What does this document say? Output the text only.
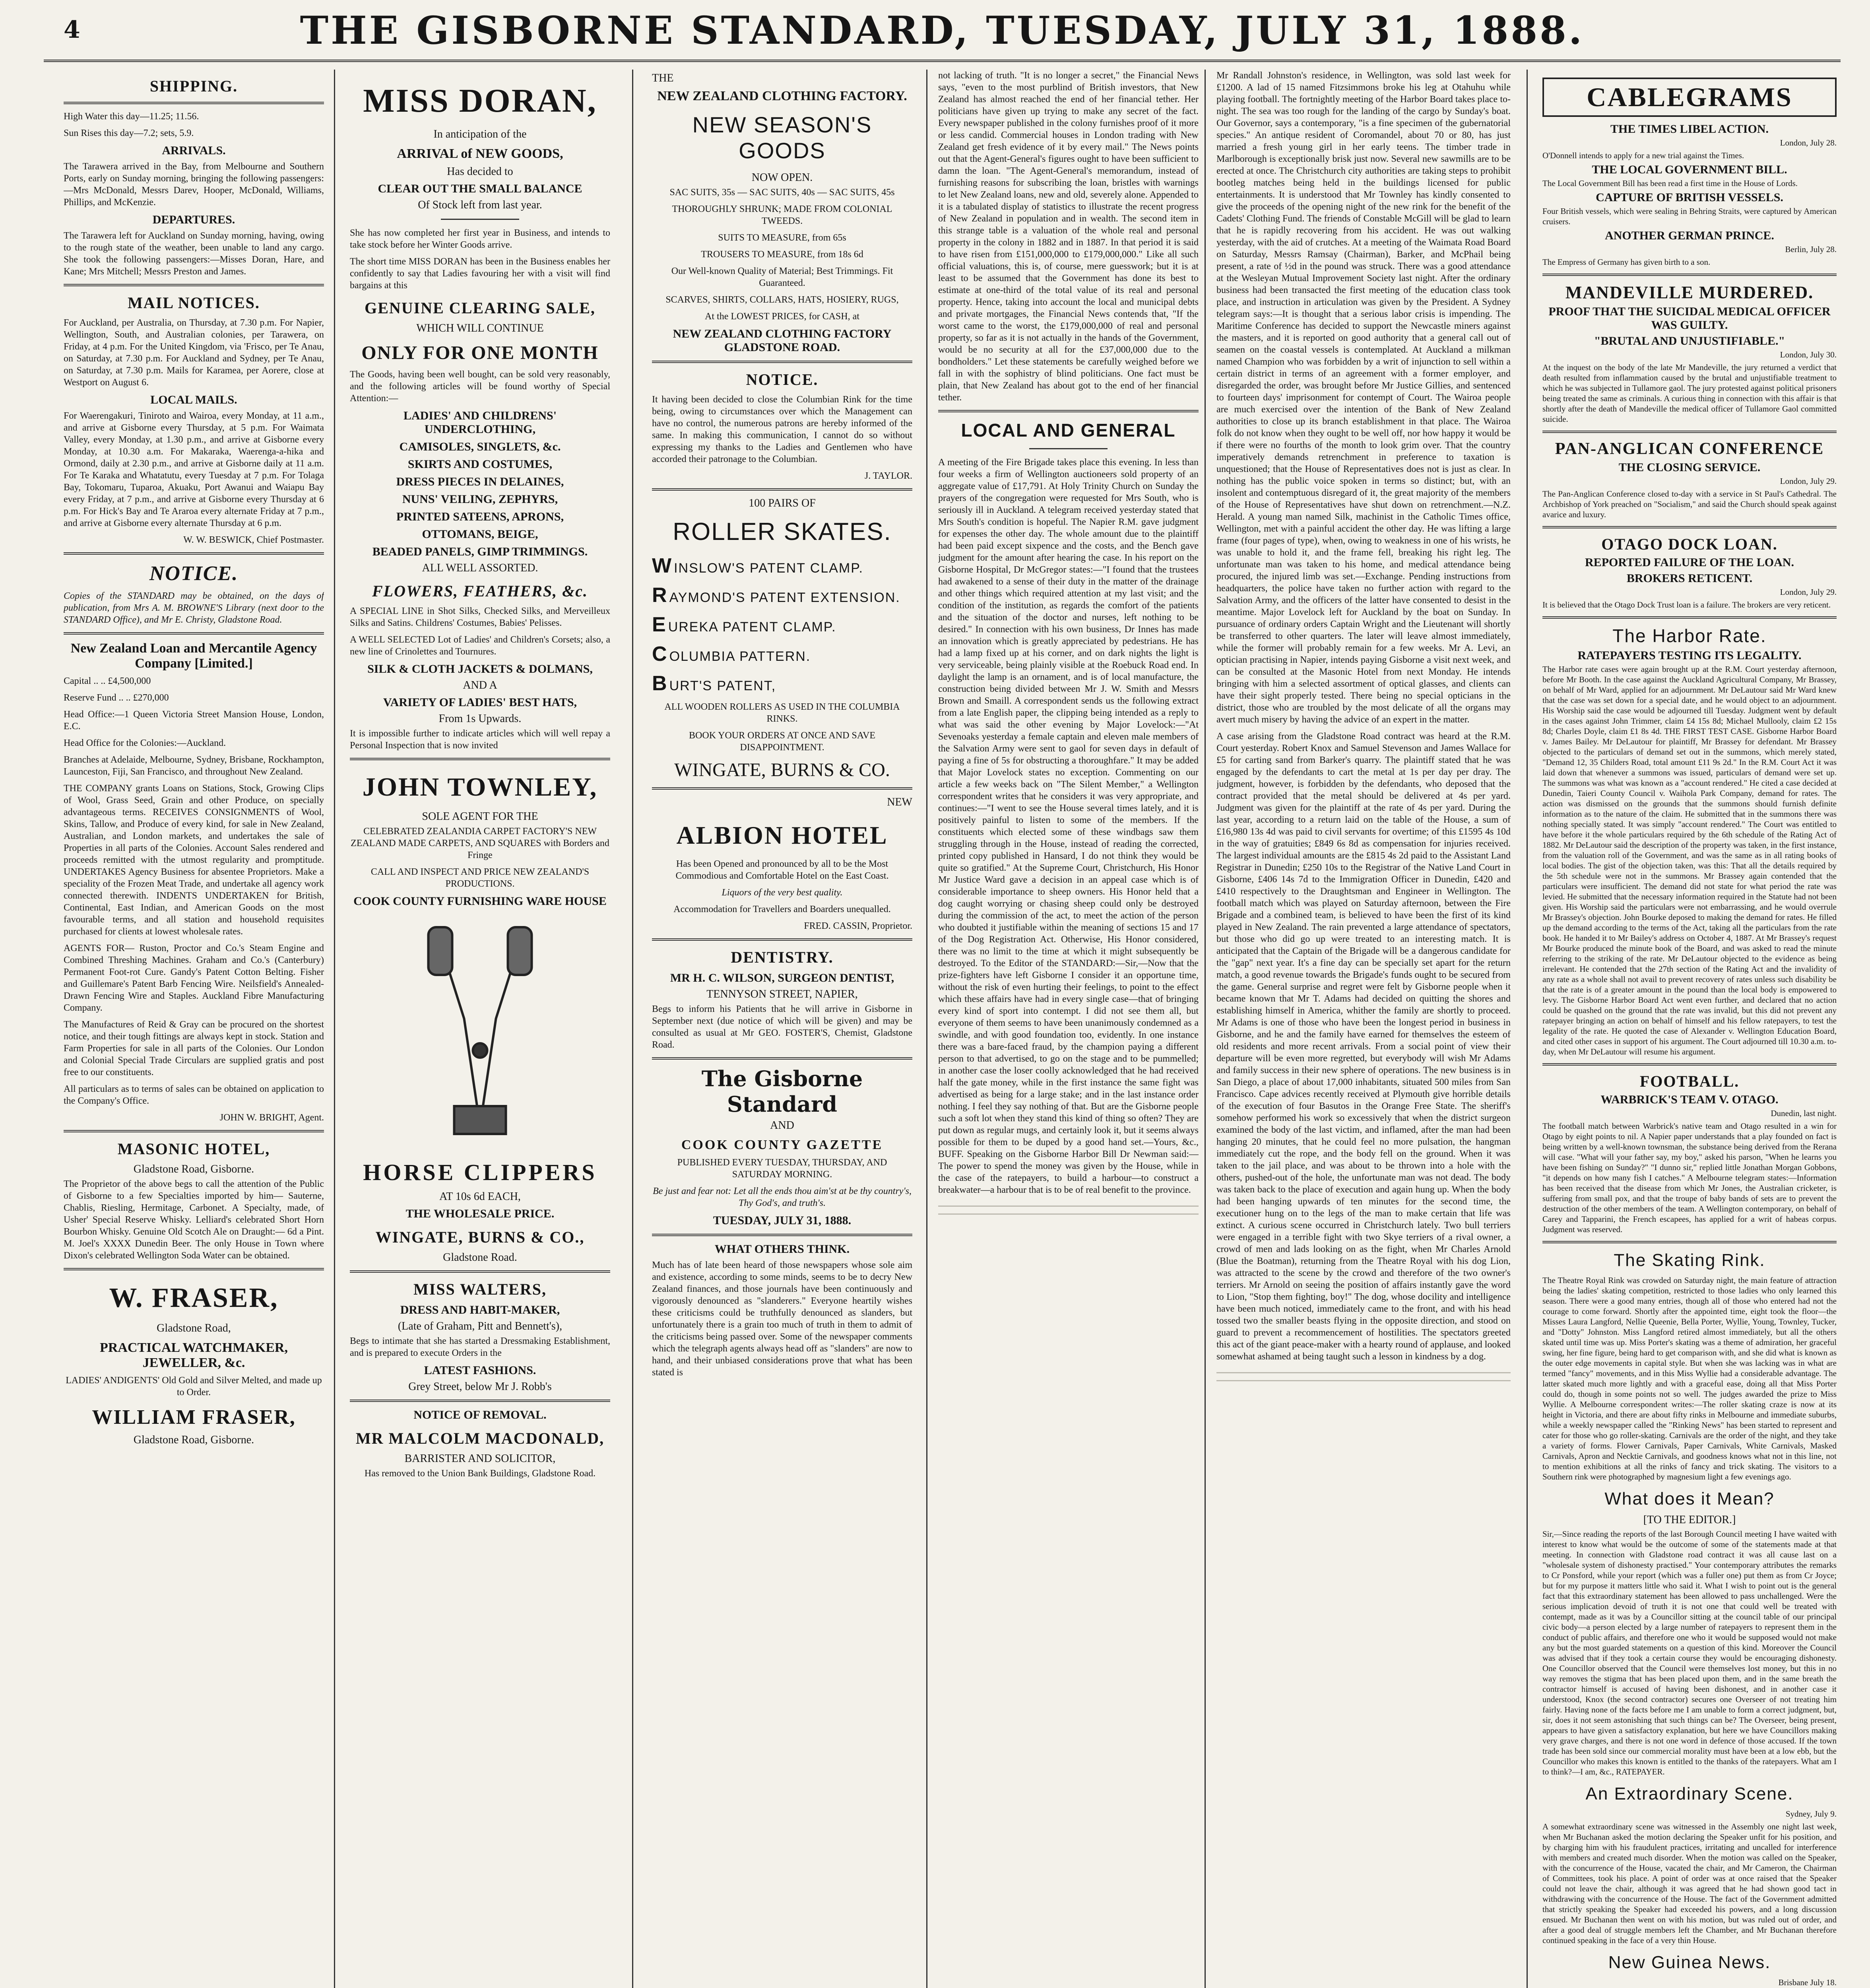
4	THE GISBORNE STANDARD, TUESDAY, JULY 31, 1888.
SHIPPING.

High Water this day—11.25; 11.56.

Sun Rises this day—7.2; sets, 5.9.

ARRIVALS.

The Tarawera arrived in the Bay, from Melbourne and Southern Ports, early on Sunday morning, bringing the following passengers:—Mrs McDonald, Messrs Darev, Hooper, McDonald, Williams, Phillips, and McKenzie.

DEPARTURES.

The Tarawera left for Auckland on Sunday morning, having, owing to the rough state of the weather, been unable to land any cargo. She took the following passengers:—Misses Doran, Hare, and Kane; Mrs Mitchell; Messrs Preston and James.

MAIL NOTICES.

For Auckland, per Australia, on Thursday, at 7.30 p.m. For Napier, Wellington, South, and Australian colonies, per Tarawera, on Friday, at 4 p.m. For the United Kingdom, via 'Frisco, per Te Anau, on Saturday, at 7.30 p.m. For Auckland and Sydney, per Te Anau, on Saturday, at 7.30 p.m. Mails for Karamea, per Aorere, close at Westport on August 6.

LOCAL MAILS.

For Waerengakuri, Tiniroto and Wairoa, every Monday, at 11 a.m., and arrive at Gisborne every Thursday, at 5 p.m. For Waimata Valley, every Monday, at 1.30 p.m., and arrive at Gisborne every Monday, at 10.30 a.m. For Makaraka, Waerenga-a-hika and Ormond, daily at 2.30 p.m., and arrive at Gisborne daily at 11 a.m. For Te Karaka and Whatatutu, every Tuesday at 7 p.m. For Tolaga Bay, Tokomaru, Tuparoa, Akuaku, Port Awanui and Waiapu Bay every Friday, at 7 p.m., and arrive at Gisborne every Thursday at 6 p.m. For Hick's Bay and Te Araroa every alternate Friday at 7 p.m., and arrive at Gisborne every alternate Thursday at 6 p.m.

W. W. BESWICK, Chief Postmaster.

NOTICE.

Copies of the STANDARD may be obtained, on the days of publication, from Mrs A. M. BROWNE'S Library (next door to the STANDARD Office), and Mr E. Christy, Gladstone Road.

New Zealand Loan and Mercantile Agency Company [Limited.]

Capital .. .. £4,500,000

Reserve Fund .. .. £270,000

Head Office:—1 Queen Victoria Street Mansion House, London, E.C.

Head Office for the Colonies:—Auckland.

Branches at Adelaide, Melbourne, Sydney, Brisbane, Rockhampton, Launceston, Fiji, San Francisco, and throughout New Zealand.

THE COMPANY grants Loans on Stations, Stock, Growing Clips of Wool, Grass Seed, Grain and other Produce, on specially advantageous terms. RECEIVES CONSIGNMENTS of Wool, Skins, Tallow, and Produce of every kind, for sale in New Zealand, Australian, and London markets, and undertakes the sale of Properties in all parts of the Colonies. Account Sales rendered and proceeds remitted with the utmost regularity and promptitude. UNDERTAKES Agency Business for absentee Proprietors. Make a speciality of the Frozen Meat Trade, and undertake all agency work connected therewith. INDENTS UNDERTAKEN for British, Continental, East Indian, and American Goods on the most favourable terms, and all station and household requisites purchased for clients at lowest wholesale rates.

AGENTS FOR— Ruston, Proctor and Co.'s Steam Engine and Combined Threshing Machines. Graham and Co.'s (Canterbury) Permanent Foot-rot Cure. Gandy's Patent Cotton Belting. Fisher and Guillemare's Patent Barb Fencing Wire. Neilsfield's Annealed-Drawn Fencing Wire and Staples. Auckland Fibre Manufacturing Company.

The Manufactures of Reid & Gray can be procured on the shortest notice, and their tough fittings are always kept in stock. Station and Farm Properties for sale in all parts of the Colonies. Our London and Colonial Special Trade Circulars are supplied gratis and post free to our constituents.

All particulars as to terms of sales can be obtained on application to the Company's Office.

JOHN W. BRIGHT, Agent.

MASONIC HOTEL,
Gladstone Road, Gisborne.

The Proprietor of the above begs to call the attention of the Public of Gisborne to a few Specialties imported by him— Sauterne, Chablis, Riesling, Hermitage, Carbonet. A Specialty, made, of Usher' Special Reserve Whisky. Lelliard's celebrated Short Horn Bourbon Whisky. Genuine Old Scotch Ale on Draught:— 6d a Pint. M. Joel's XXXX Dunedin Beer. The only House in Town where Dixon's celebrated Wellington Soda Water can be obtained.

W. FRASER,
Gladstone Road,
PRACTICAL WATCHMAKER, JEWELLER, &c.

LADIES' ANDIGENTS' Old Gold and Silver Melted, and made up to Order.

WILLIAM FRASER,
Gladstone Road, Gisborne.
MISS DORAN,
In anticipation of the
ARRIVAL of NEW GOODS,
Has decided to
CLEAR OUT THE SMALL BALANCE
Of Stock left from last year.

She has now completed her first year in Business, and intends to take stock before her Winter Goods arrive.

The short time MISS DORAN has been in the Business enables her confidently to say that Ladies favouring her with a visit will find bargains at this

GENUINE CLEARING SALE,
WHICH WILL CONTINUE
ONLY FOR ONE MONTH

The Goods, having been well bought, can be sold very reasonably, and the following articles will be found worthy of Special Attention:—

LADIES' AND CHILDRENS' UNDERCLOTHING,
CAMISOLES, SINGLETS, &c.
SKIRTS AND COSTUMES,
DRESS PIECES IN DELAINES,
NUNS' VEILING, ZEPHYRS,
PRINTED SATEENS, APRONS,
OTTOMANS, BEIGE,
BEADED PANELS, GIMP TRIMMINGS.
ALL WELL ASSORTED.
FLOWERS, FEATHERS, &c.

A SPECIAL LINE in Shot Silks, Checked Silks, and Merveilleux Silks and Satins. Childrens' Costumes, Babies' Pelisses.

A WELL SELECTED Lot of Ladies' and Children's Corsets; also, a new line of Crinolettes and Tournures.

SILK & CLOTH JACKETS & DOLMANS,
AND A
VARIETY OF LADIES' BEST HATS,
From 1s Upwards.

It is impossible further to indicate articles which will well repay a Personal Inspection that is now invited

JOHN TOWNLEY,
SOLE AGENT FOR THE

CELEBRATED ZEALANDIA CARPET FACTORY'S NEW ZEALAND MADE CARPETS, AND SQUARES with Borders and Fringe

CALL AND INSPECT AND PRICE NEW ZEALAND'S PRODUCTIONS.

COOK COUNTY FURNISHING WARE HOUSE
HORSE CLIPPERS
AT 10s 6d EACH,
THE WHOLESALE PRICE.
WINGATE, BURNS & CO.,
Gladstone Road.
MISS WALTERS,
DRESS AND HABIT-MAKER,
(Late of Graham, Pitt and Bennett's),

Begs to intimate that she has started a Dressmaking Establishment, and is prepared to execute Orders in the

LATEST FASHIONS.
Grey Street, below Mr J. Robb's
NOTICE OF REMOVAL.
MR MALCOLM MACDONALD,
BARRISTER AND SOLICITOR,

Has removed to the Union Bank Buildings, Gladstone Road.

THE
NEW ZEALAND CLOTHING FACTORY.
NEW SEASON'S GOODS
NOW OPEN.

SAC SUITS, 35s — SAC SUITS, 40s — SAC SUITS, 45s

THOROUGHLY SHRUNK; MADE FROM COLONIAL TWEEDS.

SUITS TO MEASURE, from 65s

TROUSERS TO MEASURE, from 18s 6d

Our Well-known Quality of Material; Best Trimmings. Fit Guaranteed.

SCARVES, SHIRTS, COLLARS, HATS, HOSIERY, RUGS,

At the LOWEST PRICES, for CASH, at

NEW ZEALAND CLOTHING FACTORY GLADSTONE ROAD.
NOTICE.

It having been decided to close the Columbian Rink for the time being, owing to circumstances over which the Management can have no control, the numerous patrons are hereby informed of the same. In making this communication, I cannot do so without expressing my thanks to the Ladies and Gentlemen who have accorded their patronage to the Columbian.

J. TAYLOR.

100 PAIRS OF
ROLLER SKATES.
WINSLOW'S PATENT CLAMP.
RAYMOND'S PATENT EXTENSION.
EUREKA PATENT CLAMP.
COLUMBIA PATTERN.
BURT'S PATENT,

ALL WOODEN ROLLERS AS USED IN THE COLUMBIA RINKS.

BOOK YOUR ORDERS AT ONCE AND SAVE DISAPPOINTMENT.

WINGATE, BURNS & CO.
NEW
ALBION HOTEL

Has been Opened and pronounced by all to be the Most Commodious and Comfortable Hotel on the East Coast.

Liquors of the very best quality.

Accommodation for Travellers and Boarders unequalled.

FRED. CASSIN, Proprietor.

DENTISTRY.
MR H. C. WILSON, SURGEON DENTIST,
TENNYSON STREET, NAPIER,

Begs to inform his Patients that he will arrive in Gisborne in September next (due notice of which will be given) and may be consulted as usual at Mr GEO. FOSTER'S, Chemist, Gladstone Road.

The Gisborne Standard
AND
COOK COUNTY GAZETTE

PUBLISHED EVERY TUESDAY, THURSDAY, AND SATURDAY MORNING.

Be just and fear not: Let all the ends thou aim'st at be thy country's, Thy God's, and truth's.

TUESDAY, JULY 31, 1888.
WHAT OTHERS THINK.

Much has of late been heard of those newspapers whose sole aim and existence, according to some minds, seems to be to decry New Zealand finances, and those journals have been continuously and vigorously denounced as "slanderers." Everyone heartily wishes these criticisms could be truthfully denounced as slanders, but unfortunately there is a grain too much of truth in them to admit of the criticisms being passed over. Some of the newspaper comments which the telegraph agents always head off as "slanders" are now to hand, and their unbiased considerations prove that what has been stated is

not lacking of truth. "It is no longer a secret," the Financial News says, "even to the most purblind of British investors, that New Zealand has almost reached the end of her financial tether. Her politicians have given up trying to make any secret of the fact. Every newspaper published in the colony furnishes proof of it more or less candid. Commercial houses in London trading with New Zealand get fresh evidence of it by every mail." The News points out that the Agent-General's figures ought to have been sufficient to damn the loan. "The Agent-General's memorandum, instead of furnishing reasons for subscribing the loan, bristles with warnings to let New Zealand loans, new and old, severely alone. Appended to it is a tabulated display of statistics to illustrate the recent progress of New Zealand in population and in wealth. The second item in this strange table is a valuation of the whole real and personal property in the colony in 1882 and in 1887. In that period it is said to have risen from £151,000,000 to £179,000,000." Like all such official valuations, this is, of course, mere guesswork; but it is at least to be assumed that the Government has done its best to estimate at one-third of the total value of its real and personal property. Hence, taking into account the local and municipal debts and private mortgages, the Financial News contends that, "If the worst came to the worst, the £179,000,000 of real and personal property, so far as it is not actually in the hands of the Government, would be no security at all for the £37,000,000 due to the bondholders." Let these statements be carefully weighed before we fall in with the sophistry of blind politicians. One fact must be plain, that New Zealand has about got to the end of her financial tether.

LOCAL AND GENERAL

A meeting of the Fire Brigade takes place this evening. In less than four weeks a firm of Wellington auctioneers sold property of an aggregate value of £17,791. At Holy Trinity Church on Sunday the prayers of the congregation were requested for Mrs South, who is seriously ill in Auckland. A telegram received yesterday stated that Mrs South's condition is hopeful. The Napier R.M. gave judgment for expenses the other day. The whole amount due to the plaintiff had been paid except sixpence and the costs, and the Bench gave judgment for the amount after hearing the case. In his report on the Gisborne Hospital, Dr McGregor states:—"I found that the trustees had awakened to a sense of their duty in the matter of the drainage and other things which required attention at my last visit; and the condition of the institution, as regards the comfort of the patients and the situation of the doctor and nurses, left nothing to be desired." In connection with his own business, Dr Innes has made an innovation which is greatly appreciated by pedestrians. He has had a lamp fixed up at his corner, and on dark nights the light is very serviceable, being plainly visible at the Roebuck Road end. In daylight the lamp is an ornament, and is of local manufacture, the construction being divided between Mr J. W. Smith and Messrs Brown and Smaill. A correspondent sends us the following extract from a late English paper, the clipping being intended as a reply to what was said the other evening by Major Lovelock:—"At Sevenoaks yesterday a female captain and eleven male members of the Salvation Army were sent to gaol for seven days in default of paying a fine of 5s for obstructing a thoroughfare." It may be added that Major Lovelock states no exception. Commenting on our article a few weeks back on "The Silent Member," a Wellington correspondent writes that he considers it was very appropriate, and continues:—"I went to see the House several times lately, and it is positively painful to listen to some of the members. If the constituents which elected some of these windbags saw them struggling through in the House, instead of reading the corrected, printed copy published in Hansard, I do not think they would be quite so gratified." At the Supreme Court, Christchurch, His Honor Mr Justice Ward gave a decision in an appeal case which is of considerable importance to sheep owners. His Honor held that a dog caught worrying or chasing sheep could only be destroyed during the commission of the act, to meet the action of the person who doubted it justifiable within the meaning of sections 15 and 17 of the Dog Registration Act. Otherwise, His Honor considered, there was no limit to the time at which it might subsequently be destroyed. To the Editor of the STANDARD:—Sir,—Now that the prize-fighters have left Gisborne I consider it an opportune time, without the risk of even hurting their feelings, to point to the effect which these affairs have had in every single case—that of bringing every kind of sport into contempt. I did not see them all, but everyone of them seems to have been unanimously condemned as a swindle, and with good foundation too, evidently. In one instance there was a bare-faced fraud, by the champion paying a different person to that advertised, to go on the stage and to be pummelled; in another case the loser coolly acknowledged that he had received half the gate money, while in the first instance the same fight was advertised as being for a large stake; and in the last instance order nothing. I feel they say nothing of that. But are the Gisborne people such a soft lot when they stand this kind of thing so often? They are put down as regular mugs, and certainly look it, but it seems always possible for them to be duped by a good hand set.—Yours, &c., BUFF. Speaking on the Gisborne Harbor Bill Dr Newman said:—The power to spend the money was given by the House, while in the case of the ratepayers, to build a harbour—to construct a breakwater—a harbour that is to be of real benefit to the province.

Mr Randall Johnston's residence, in Wellington, was sold last week for £1200. A lad of 15 named Fitzsimmons broke his leg at Otahuhu while playing football. The fortnightly meeting of the Harbor Board takes place to-night. The sea was too rough for the landing of the cargo by Sunday's boat. Our Governor, says a contemporary, "is a fine specimen of the gubernatorial species." An antique resident of Coromandel, about 70 or 80, has just married a fresh young girl in her early teens. The timber trade in Marlborough is exceptionally brisk just now. Several new sawmills are to be erected at once. The Christchurch city authorities are taking steps to prohibit bootleg matches being held in the buildings licensed for public entertainments. It is understood that Mr Townley has kindly consented to give the proceeds of the opening night of the new rink for the benefit of the Cadets' Clothing Fund. The friends of Constable McGill will be glad to learn that he is rapidly recovering from his accident. He was out walking yesterday, with the aid of crutches. At a meeting of the Waimata Road Board on Saturday, Messrs Ramsay (Chairman), Barker, and McPhail being present, a rate of ½d in the pound was struck. There was a good attendance at the Wesleyan Mutual Improvement Society last night. After the ordinary business had been transacted the first meeting of the education class took place, and instruction in articulation was given by the President. A Sydney telegram says:—It is thought that a serious labor crisis is impending. The Maritime Conference has decided to support the Newcastle miners against the masters, and it is reported on good authority that a general call out of seamen on the coastal vessels is contemplated. At Auckland a milkman named Champion who was forbidden by a writ of injunction to sell within a certain district in terms of an agreement with a former employer, and disregarded the order, was brought before Mr Justice Gillies, and sentenced to fourteen days' imprisonment for contempt of Court. The Wairoa people are much exercised over the intention of the Bank of New Zealand authorities to close up its branch establishment in that place. The Wairoa folk do not know when they ought to be well off, nor how happy it would be if there were no fourths of the month to look grim over. That the country imperatively demands retrenchment in preference to taxation is unquestioned; that the House of Representatives does not is just as clear. In nothing has the public voice spoken in terms so distinct; but, with an insolent and contemptuous disregard of it, the great majority of the members of the House of Representatives have shut down on retrenchment.—N.Z. Herald. A young man named Silk, machinist in the Catholic Times office, Wellington, met with a painful accident the other day. He was lifting a large frame (four pages of type), when, owing to weakness in one of his wrists, he was unable to hold it, and the frame fell, breaking his right leg. The unfortunate man was taken to his home, and medical attendance being procured, the injured limb was set.—Exchange. Pending instructions from headquarters, the police have taken no further action with regard to the Salvation Army, and the officers of the latter have consented to desist in the meantime. Major Lovelock left for Auckland by the boat on Sunday. In pursuance of ordinary orders Captain Wright and the Lieutenant will shortly be transferred to other quarters. The later will leave almost immediately, while the former will probably remain for a few weeks. Mr A. Levi, an optician practising in Napier, intends paying Gisborne a visit next week, and can be consulted at the Masonic Hotel from next Monday. He intends bringing with him a selected assortment of optical glasses, and clients can have their sight properly tested. There being no special opticians in the district, those who are troubled by the most delicate of all the organs may avert much misery by having the advice of an expert in the matter.

A case arising from the Gladstone Road contract was heard at the R.M. Court yesterday. Robert Knox and Samuel Stevenson and James Wallace for £5 for carting sand from Barker's quarry. The plaintiff stated that he was engaged by the defendants to cart the metal at 1s per day per dray. The judgment, however, is forbidden by the defendants, who deposed that the contract provided that the metal should be delivered at 4s per yard. Judgment was given for the plaintiff at the rate of 4s per yard. During the last year, according to a return laid on the table of the House, a sum of £16,980 13s 4d was paid to civil servants for overtime; of this £1595 4s 10d in the way of gratuities; £849 6s 8d as compensation for injuries received. The largest individual amounts are the £815 4s 2d paid to the Assistant Land Registrar in Dunedin; £250 10s to the Registrar of the Native Land Court in Gisborne, £406 14s 7d to the Immigration Officer in Dunedin, £420 and £410 respectively to the Draughtsman and Engineer in Wellington. The football match which was played on Saturday afternoon, between the Fire Brigade and a combined team, is believed to have been the first of its kind played in New Zealand. The rain prevented a large attendance of spectators, but those who did go up were treated to an interesting match. It is anticipated that the Captain of the Brigade will be a dangerous candidate for the "gap" next year. It's a fine day can be specially set apart for the return match, a good revenue towards the Brigade's funds ought to be secured from the game. General surprise and regret were felt by Gisborne people when it became known that Mr T. Adams had decided on quitting the shores and establishing himself in America, whither the family are shortly to proceed. Mr Adams is one of those who have been the longest period in business in Gisborne, and he and the family have earned for themselves the esteem of old residents and more recent arrivals. From a social point of view their departure will be even more regretted, but everybody will wish Mr Adams and family success in their new sphere of operations. The new business is in San Diego, a place of about 17,000 inhabitants, situated 500 miles from San Francisco. Cape advices recently received at Plymouth give horrible details of the execution of four Basutos in the Orange Free State. The sheriff's somehow performed his work so excessively that when the district surgeon examined the body of the last victim, and inflamed, after the man had been hanging 20 minutes, that he could feel no more pulsation, the hangman immediately cut the rope, and the body fell on the ground. When it was taken to the jail place, and was about to be thrown into a hole with the others, pushed-out of the hole, the unfortunate man was not dead. The body was taken back to the place of execution and again hung up. When the body had been hanging upwards of ten minutes for the second time, the executioner hung on to the legs of the man to make certain that life was extinct. A curious scene occurred in Christchurch lately. Two bull terriers were engaged in a terrible fight with two Skye terriers of a rival owner, a crowd of men and lads looking on as the fight, when Mr Charles Arnold (Blue the Boatman), returning from the Theatre Royal with his dog Lion, was attracted to the scene by the crowd and therefore of the two owner's terriers. Mr Arnold on seeing the position of affairs instantly gave the word to Lion, "Stop them fighting, boy!" The dog, whose docility and intelligence have been much noticed, immediately came to the front, and with his head tossed two the smaller beasts flying in the opposite direction, and stood on guard to prevent a recommencement of hostilities. The spectators greeted this act of the giant peace-maker with a hearty round of applause, and looked somewhat ashamed at being taught such a lesson in kindness by a dog.

CABLEGRAMS
THE TIMES LIBEL ACTION.

London, July 28.

O'Donnell intends to apply for a new trial against the Times.

THE LOCAL GOVERNMENT BILL.

The Local Government Bill has been read a first time in the House of Lords.

CAPTURE OF BRITISH VESSELS.

Four British vessels, which were sealing in Behring Straits, were captured by American cruisers.

ANOTHER GERMAN PRINCE.

Berlin, July 28.

The Empress of Germany has given birth to a son.

MANDEVILLE MURDERED.
PROOF THAT THE SUICIDAL MEDICAL OFFICER WAS GUILTY.
"BRUTAL AND UNJUSTIFIABLE."

London, July 30.

At the inquest on the body of the late Mr Mandeville, the jury returned a verdict that death resulted from inflammation caused by the brutal and unjustifiable treatment to which he was subjected in Tullamore gaol. The jury protested against political prisoners being treated the same as criminals. A curious thing in connection with this affair is that shortly after the death of Mandeville the medical officer of Tullamore Gaol committed suicide.

PAN-ANGLICAN CONFERENCE
THE CLOSING SERVICE.

London, July 29.

The Pan-Anglican Conference closed to-day with a service in St Paul's Cathedral. The Archbishop of York preached on "Socialism," and said the Church should speak against avarice and luxury.

OTAGO DOCK LOAN.
REPORTED FAILURE OF THE LOAN.
BROKERS RETICENT.

London, July 29.

It is believed that the Otago Dock Trust loan is a failure. The brokers are very reticent.

The Harbor Rate.
RATEPAYERS TESTING ITS LEGALITY.

The Harbor rate cases were again brought up at the R.M. Court yesterday afternoon, before Mr Booth. In the case against the Auckland Agricultural Company, Mr Brassey, on behalf of Mr Ward, applied for an adjournment. Mr DeLautour said Mr Ward knew that the case was set down for a special date, and he would object to an adjournment. His Worship said the case would be adjourned till Tuesday. Judgment went by default in the cases against John Trimmer, claim £4 15s 8d; Michael Mullooly, claim £2 15s 8d; Charles Doyle, claim £1 8s 4d. THE FIRST TEST CASE. Gisborne Harbor Board v. James Bailey. Mr DeLautour for plaintiff, Mr Brassey for defendant. Mr Brassey objected to the particulars of demand set out in the summons, which merely stated, "Demand 12, 35 Childers Road, total amount £11 9s 2d." In the R.M. Court Act it was laid down that whenever a summons was issued, particulars of demand were set up. The summons was what was known as a "account rendered." He cited a case decided at Dunedin, Taieri County Council v. Waihola Park Company, demand for rates. The action was dismissed on the grounds that the summons should furnish definite information as to the nature of the claim. He submitted that in the summons there was nothing specially stated. It was simply "account rendered." The Court was entitled to have before it the whole particulars required by the 6th schedule of the Rating Act of 1882. Mr DeLautour said the description of the property was taken, in the first instance, from the valuation roll of the Government, and was the same as in all rating books of local bodies. The gist of the objection taken, was this: That all the details required by the 5th schedule were not in the summons. Mr Brassey again contended that the particulars were insufficient. The demand did not state for what period the rate was levied. He submitted that the necessary information required in the Statute had not been given. His Worship said the particulars were not embarrassing, and he would overrule Mr Brassey's objection. John Bourke deposed to making the demand for rates. He filled up the demand according to the terms of the Act, taking all the particulars from the rate book. He handed it to Mr Bailey's address on October 4, 1887. At Mr Brassey's request Mr Bourke produced the minute book of the Board, and was asked to read the minute referring to the striking of the rate. Mr DeLautour objected to the evidence as being irrelevant. He contended that the 27th section of the Rating Act and the invalidity of any rate as a whole shall not avail to prevent recovery of rates unless such disability be that the rate is of a greater amount in the pound than the local body is empowered to levy. The Gisborne Harbor Board Act went even further, and declared that no action could be quashed on the ground that the rate was invalid, but this did not prevent any ratepayer bringing an action on behalf of himself and his fellow ratepayers, to test the legality of the rate. He quoted the case of Alexander v. Wellington Education Board, and cited other cases in support of his argument. The Court adjourned till 10.30 a.m. to-day, when Mr DeLautour will resume his argument.

FOOTBALL.
WARBRICK'S TEAM V. OTAGO.

Dunedin, last night.

The football match between Warbrick's native team and Otago resulted in a win for Otago by eight points to nil. A Napier paper understands that a play founded on fact is being written by a well-known townsman, the substance being derived from the Rerana will case. "What will your father say, my boy," asked his parson, "When he learns you have been fishing on Sunday?" "I dunno sir," replied little Jonathan Morgan Gobbons, "it depends on how many fish I catches." A Melbourne telegram states:—Information has been received that the disease from which Mr Jones, the Australian cricketer, is suffering from small pox, and that the troupe of baby bands of sets are to prevent the destruction of the other members of the team. A Wellington contemporary, on behalf of Carey and Tapparini, the French escapees, has applied for a writ of habeas corpus. Judgment was reserved.

The Skating Rink.

The Theatre Royal Rink was crowded on Saturday night, the main feature of attraction being the ladies' skating competition, restricted to those ladies who only learned this season. There were a good many entries, though all of those who entered had not the courage to come forward. Shortly after the appointed time, eight took the floor—the Misses Laura Langford, Nellie Queenie, Bella Porter, Wyllie, Young, Townley, Tucker, and "Dotty" Johnston. Miss Langford retired almost immediately, but all the others skated until time was up. Miss Porter's skating was a theme of admiration, her graceful swing, her fine figure, being hard to get comparison with, and she did what is known as the outer edge movements in capital style. But when she was lacking was in what are termed "fancy" movements, and in this Miss Wyllie had a considerable advantage. The latter skated much more lightly and with a graceful ease, doing all that Miss Porter could do, though in some points not so well. The judges awarded the prize to Miss Wyllie. A Melbourne correspondent writes:—The roller skating craze is now at its height in Victoria, and there are about fifty rinks in Melbourne and immediate suburbs, while a weekly newspaper called the "Rinking News" has been started to represent and cater for those who go roller-skating. Carnivals are the order of the night, and they take a variety of forms. Flower Carnivals, Paper Carnivals, White Carnivals, Masked Carnivals, Apron and Necktie Carnivals, and goodness knows what not in this line, not to mention exhibitions at all the rinks of fancy and trick skating. The visitors to a Southern rink were photographed by magnesium light a few evenings ago.

What does it Mean?
[TO THE EDITOR.]

Sir,—Since reading the reports of the last Borough Council meeting I have waited with interest to know what would be the outcome of some of the statements made at that meeting. In connection with Gladstone road contract it was all cause last on a "wholesale system of dishonesty practised." Your contemporary attributes the remarks to Cr Ponsford, while your report (which was a fuller one) put them as from Cr Joyce; but for my purpose it matters little who said it. What I wish to point out is the general fact that this extraordinary statement has been allowed to pass unchallenged. Were the serious implication devoid of truth it is not one that could well be treated with contempt, made as it was by a Councillor sitting at the council table of our principal civic body—a person elected by a large number of ratepayers to represent them in the conduct of public affairs, and therefore one who it would be supposed would not make any but the most guarded statements on a question of this kind. Moreover the Council was advised that if they took a certain course they would be encouraging dishonesty. One Councillor observed that the Council were themselves lost money, but this in no way removes the stigma that has been placed upon them, and in the same breath the contractor himself is accused of having been dishonest, and in another case it understood, Knox (the second contractor) secures one Overseer of not treating him fairly. Having none of the facts before me I am unable to form a correct judgment, but, sir, does it not seem astonishing that such things can be? The Overseer, being present, appears to have given a satisfactory explanation, but here we have Councillors making very grave charges, and there is not one word in defence of those accused. If the town trade has been sold since our commercial morality must have been at a low ebb, but the Councillor who makes this known is entitled to the thanks of the ratepayers. What am I to think?—I am, &c., RATEPAYER.

An Extraordinary Scene.

Sydney, July 9.

A somewhat extraordinary scene was witnessed in the Assembly one night last week, when Mr Buchanan asked the motion declaring the Speaker unfit for his position, and by charging him with his fraudulent practices, irritating and uncalled for interference with members and created much disorder. When the motion was called on the Speaker, with the concurrence of the House, vacated the chair, and Mr Cameron, the Chairman of Committees, took his place. A point of order was at once raised that the Speaker could not leave the chair, although it was agreed that he had shown good tact in withdrawing with the concurrence of the House. The fact of the Government admitted that strictly speaking the Speaker had exceeded his powers, and a long discussion ensued. Mr Buchanan then went on with his motion, but was ruled out of order, and after a good deal of struggle members left the Chamber, and Mr Buchanan therefore continued speaking in the face of a very thin House.

New Guinea News.

Brisbane July 18.
